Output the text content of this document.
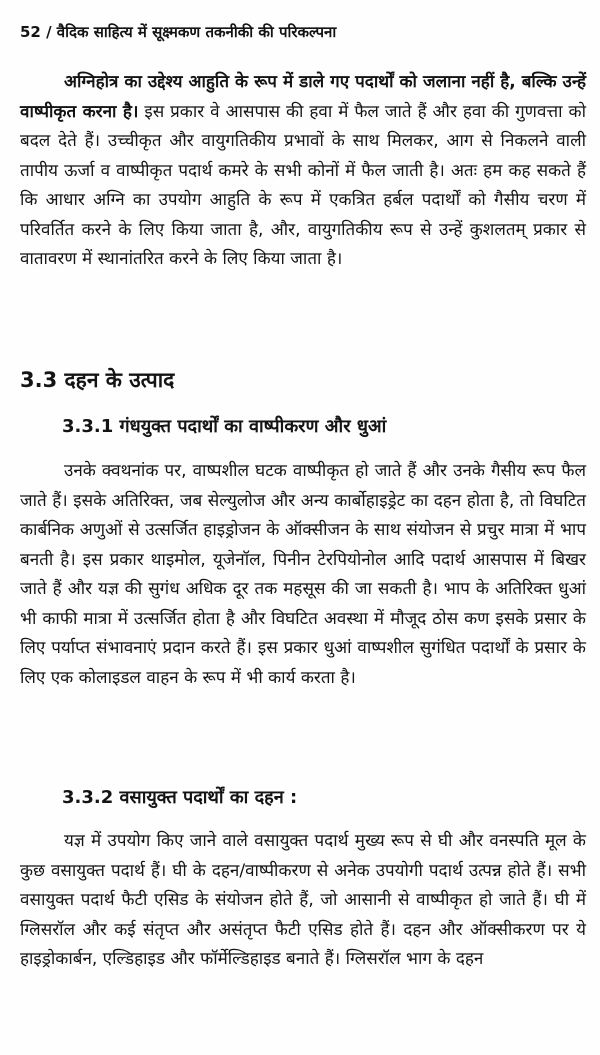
52 / वैदिक साहित्य में सूक्ष्मकण तकनीकी की परिकल्पना

अग्निहोत्र का उद्देश्य आहुति के रूप में डाले गए पदार्थों को जलाना नहीं है, बल्कि उन्हें वाष्पीकृत करना है। इस प्रकार वे आसपास की हवा में फैल जाते हैं और हवा की गुणवत्ता को बदल देते हैं। उच्चीकृत और वायुगतिकीय प्रभावों के साथ मिलकर, आग से निकलने वाली तापीय ऊर्जा व वाष्पीकृत पदार्थ कमरे के सभी कोनों में फैल जाती है। अतः हम कह सकते हैं कि आधार अग्नि का उपयोग आहुति के रूप में एकत्रित हर्बल पदार्थों को गैसीय चरण में परिवर्तित करने के लिए किया जाता है, और, वायुगतिकीय रूप से उन्हें कुशलतम् प्रकार से वातावरण में स्थानांतरित करने के लिए किया जाता है।

3.3 दहन के उत्पाद
3.3.1 गंधयुक्त पदार्थों का वाष्पीकरण और धुआं

उनके क्वथनांक पर, वाष्पशील घटक वाष्पीकृत हो जाते हैं और उनके गैसीय रूप फैल जाते हैं। इसके अतिरिक्त, जब सेल्युलोज और अन्य कार्बोहाइड्रेट का दहन होता है, तो विघटित कार्बनिक अणुओं से उत्सर्जित हाइड्रोजन के ऑक्सीजन के साथ संयोजन से प्रचुर मात्रा में भाप बनती है। इस प्रकार थाइमोल, यूजेनॉल, पिनीन टेरपियोनोल आदि पदार्थ आसपास में बिखर जाते हैं और यज्ञ की सुगंध अधिक दूर तक महसूस की जा सकती है। भाप के अतिरिक्त धुआं भी काफी मात्रा में उत्सर्जित होता है और विघटित अवस्था में मौजूद ठोस कण इसके प्रसार के लिए पर्याप्त संभावनाएं प्रदान करते हैं। इस प्रकार धुआं वाष्पशील सुगंधित पदार्थों के प्रसार के लिए एक कोलाइडल वाहन के रूप में भी कार्य करता है।

3.3.2 वसायुक्त पदार्थों का दहन :

यज्ञ में उपयोग किए जाने वाले वसायुक्त पदार्थ मुख्य रूप से घी और वनस्पति मूल के कुछ वसायुक्त पदार्थ हैं। घी के दहन/वाष्पीकरण से अनेक उपयोगी पदार्थ उत्पन्न होते हैं। सभी वसायुक्त पदार्थ फैटी एसिड के संयोजन होते हैं, जो आसानी से वाष्पीकृत हो जाते हैं। घी में ग्लिसरॉल और कई संतृप्त और असंतृप्त फैटी एसिड होते हैं। दहन और ऑक्सीकरण पर ये हाइड्रोकार्बन, एल्डिहाइड और फॉर्मेल्डिहाइड बनाते हैं। ग्लिसरॉल भाग के दहन
